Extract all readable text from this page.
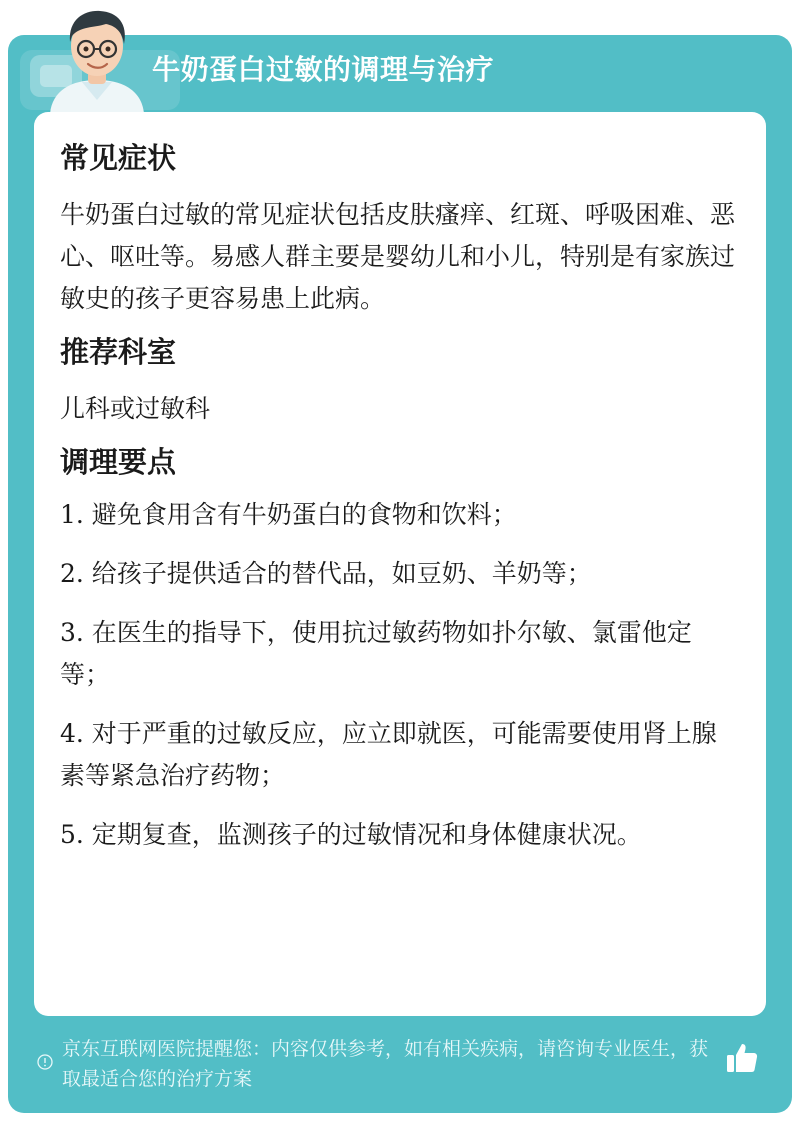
牛奶蛋白过敏的调理与治疗
常见症状

牛奶蛋白过敏的常见症状包括皮肤瘙痒、红斑、呼吸困难、恶心、呕吐等。易感人群主要是婴幼儿和小儿，特别是有家族过敏史的孩子更容易患上此病。

推荐科室

儿科或过敏科

调理要点
1. 避免食用含有牛奶蛋白的食物和饮料；
2. 给孩子提供适合的替代品，如豆奶、羊奶等；
3. 在医生的指导下，使用抗过敏药物如扑尔敏、氯雷他定等；
4. 对于严重的过敏反应，应立即就医，可能需要使用肾上腺素等紧急治疗药物；
5. 定期复查，监测孩子的过敏情况和身体健康状况。

京东互联网医院提醒您：内容仅供参考，如有相关疾病，请咨询专业医生，获取最适合您的治疗方案
